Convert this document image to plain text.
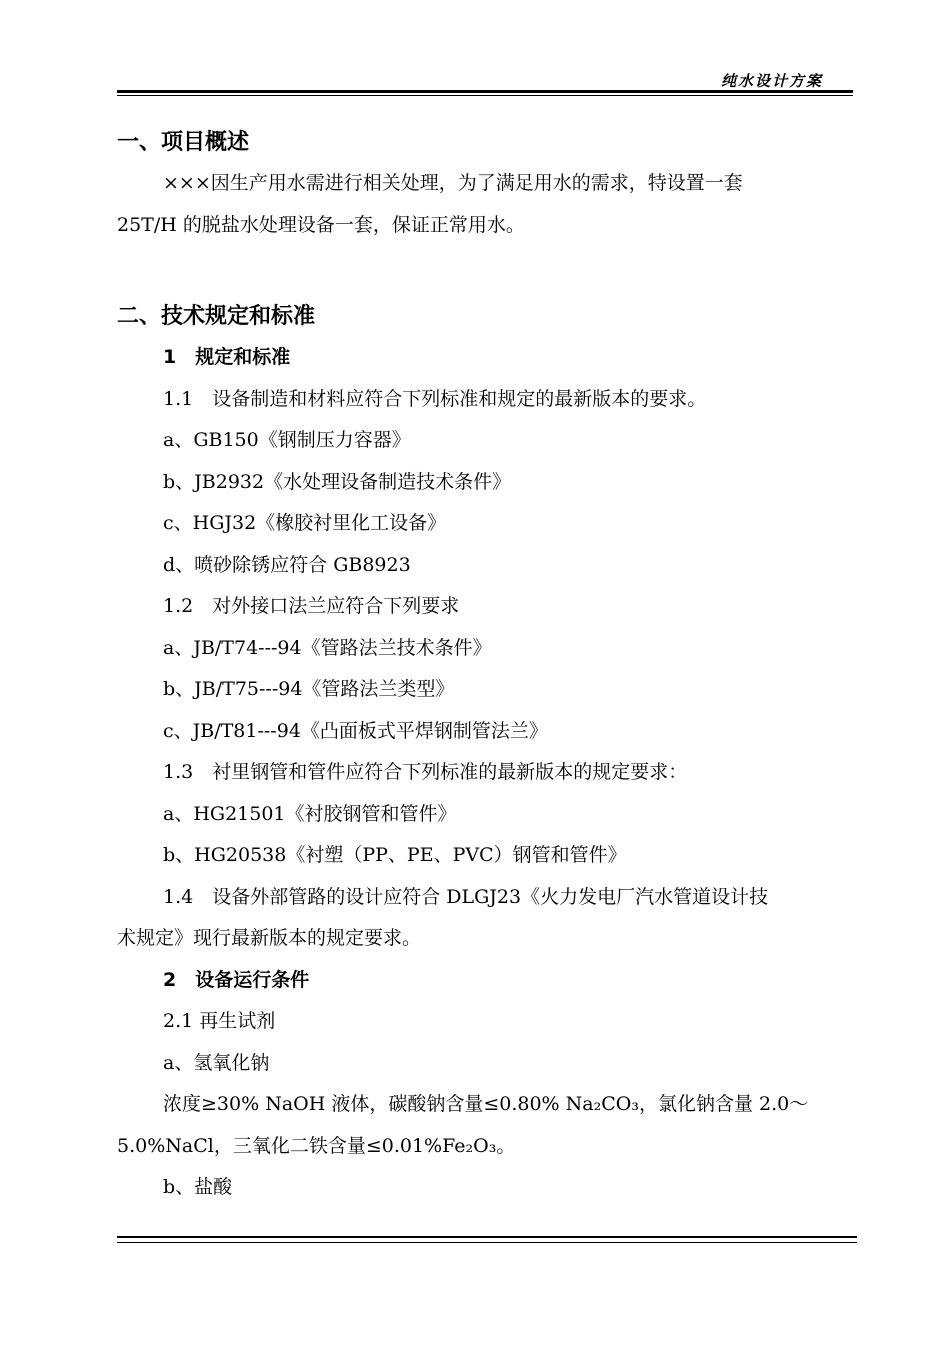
纯水设计方案
一、项目概述
×××因生产用水需进行相关处理，为了满足用水的需求，特设置一套
25T/H 的脱盐水处理设备一套，保证正常用水。
二、技术规定和标准
1　规定和标准
1.1　设备制造和材料应符合下列标准和规定的最新版本的要求。
a、GB150《钢制压力容器》
b、JB2932《水处理设备制造技术条件》
c、HGJ32《橡胶衬里化工设备》
d、喷砂除锈应符合 GB8923
1.2　对外接口法兰应符合下列要求
a、JB/T74---94《管路法兰技术条件》
b、JB/T75---94《管路法兰类型》
c、JB/T81---94《凸面板式平焊钢制管法兰》
1.3　衬里钢管和管件应符合下列标准的最新版本的规定要求：
a、HG21501《衬胶钢管和管件》
b、HG20538《衬塑（PP、PE、PVC）钢管和管件》
1.4　设备外部管路的设计应符合 DLGJ23《火力发电厂汽水管道设计技
术规定》现行最新版本的规定要求。
2　设备运行条件
2.1 再生试剂
a、氢氧化钠
浓度≥30% NaOH 液体，碳酸钠含量≤0.80% Na₂CO₃，氯化钠含量 2.0～
5.0%NaCl，三氧化二铁含量≤0.01%Fe₂O₃。
b、盐酸
